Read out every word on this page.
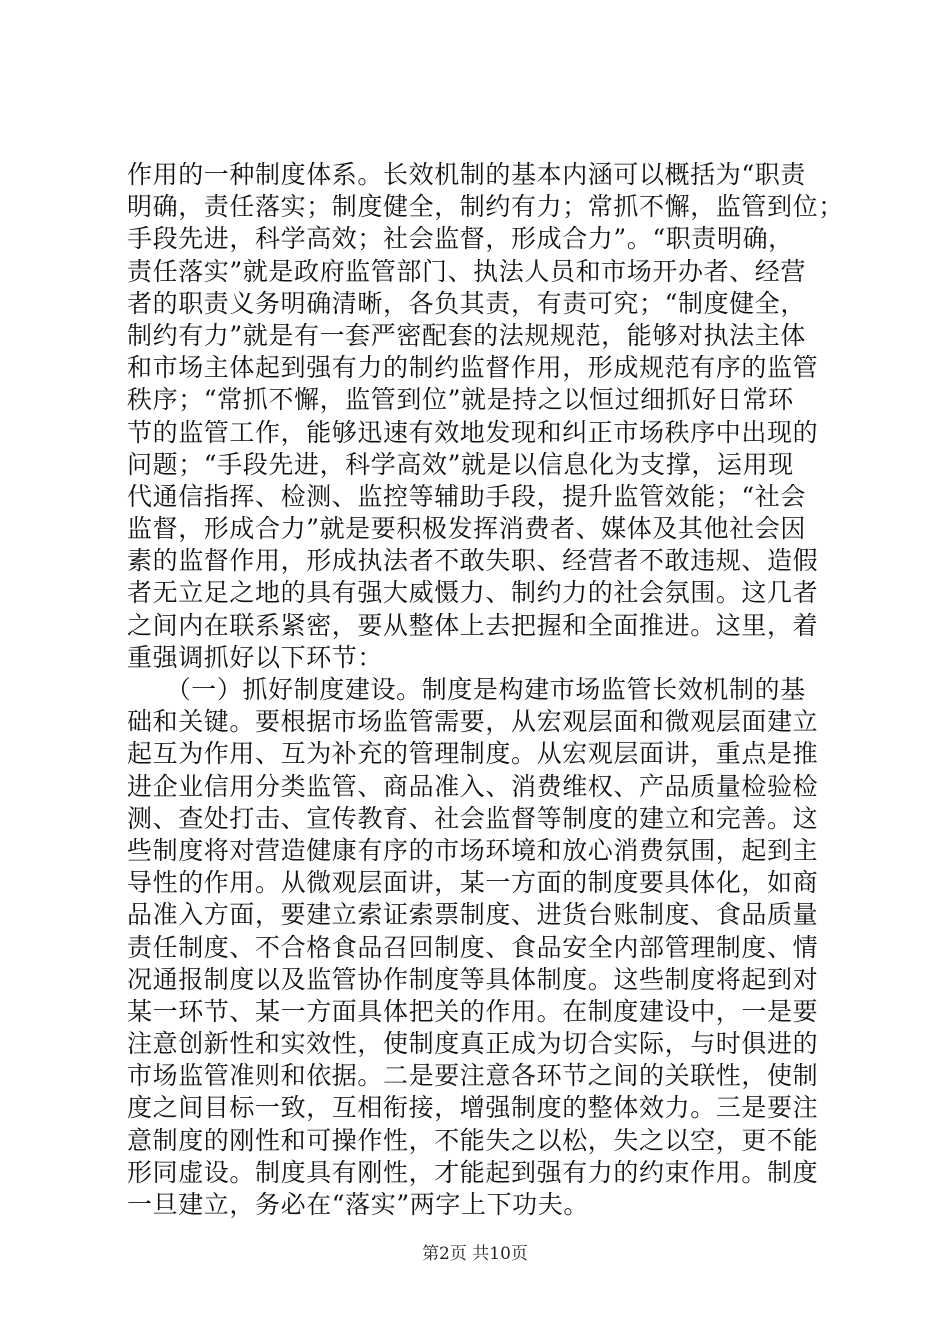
作用的一种制度体系。长效机制的基本内涵可以概括为“职责
明确，责任落实；制度健全，制约有力；常抓不懈，监管到位；
手段先进，科学高效；社会监督，形成合力”。“职责明确，
责任落实”就是政府监管部门、执法人员和市场开办者、经营
者的职责义务明确清晰，各负其责，有责可究；“制度健全，
制约有力”就是有一套严密配套的法规规范，能够对执法主体
和市场主体起到强有力的制约监督作用，形成规范有序的监管
秩序；“常抓不懈，监管到位”就是持之以恒过细抓好日常环
节的监管工作，能够迅速有效地发现和纠正市场秩序中出现的
问题；“手段先进，科学高效”就是以信息化为支撑，运用现
代通信指挥、检测、监控等辅助手段，提升监管效能；“社会
监督，形成合力”就是要积极发挥消费者、媒体及其他社会因
素的监督作用，形成执法者不敢失职、经营者不敢违规、造假
者无立足之地的具有强大威慑力、制约力的社会氛围。这几者
之间内在联系紧密，要从整体上去把握和全面推进。这里，着
重强调抓好以下环节：
　　（一）抓好制度建设。制度是构建市场监管长效机制的基
础和关键。要根据市场监管需要，从宏观层面和微观层面建立
起互为作用、互为补充的管理制度。从宏观层面讲，重点是推
进企业信用分类监管、商品准入、消费维权、产品质量检验检
测、查处打击、宣传教育、社会监督等制度的建立和完善。这
些制度将对营造健康有序的市场环境和放心消费氛围，起到主
导性的作用。从微观层面讲，某一方面的制度要具体化，如商
品准入方面，要建立索证索票制度、进货台账制度、食品质量
责任制度、不合格食品召回制度、食品安全内部管理制度、情
况通报制度以及监管协作制度等具体制度。这些制度将起到对
某一环节、某一方面具体把关的作用。在制度建设中，一是要
注意创新性和实效性，使制度真正成为切合实际，与时俱进的
市场监管准则和依据。二是要注意各环节之间的关联性，使制
度之间目标一致，互相衔接，增强制度的整体效力。三是要注
意制度的刚性和可操作性，不能失之以松，失之以空，更不能
形同虚设。制度具有刚性，才能起到强有力的约束作用。制度
一旦建立，务必在“落实”两字上下功夫。
第2页 共10页
